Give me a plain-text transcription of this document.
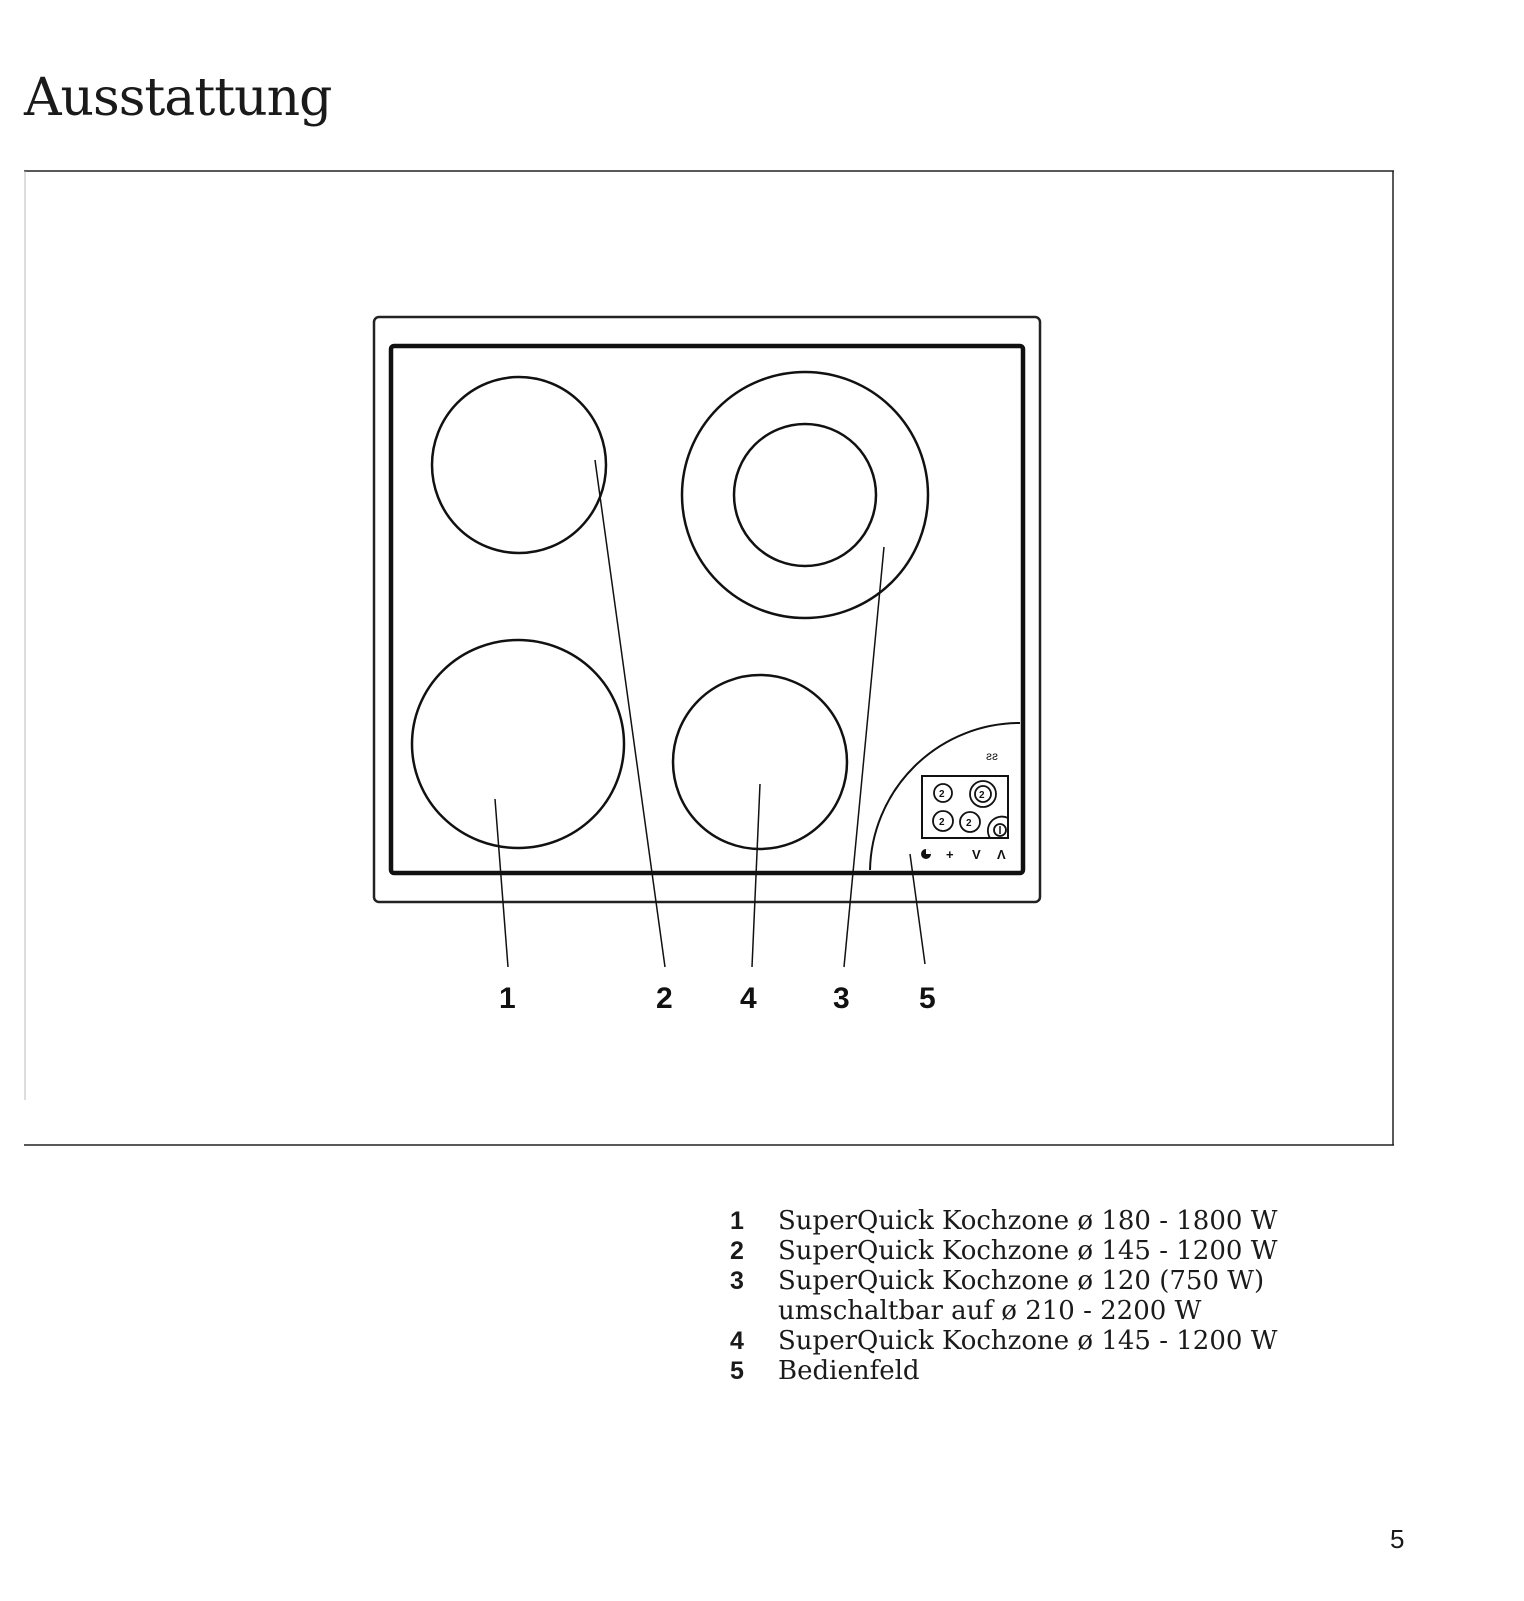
Ausstattung
ƨƨ
2	2
2 2
+ V Λ
1	2 4	3 5
1	SuperQuick Kochzone ø 180 - 1800 W
2	SuperQuick Kochzone ø 145 - 1200 W
3	SuperQuick Kochzone ø 120 (750 W)
umschaltbar auf ø 210 - 2200 W
4	SuperQuick Kochzone ø 145 - 1200 W
5	Bedienfeld
5
